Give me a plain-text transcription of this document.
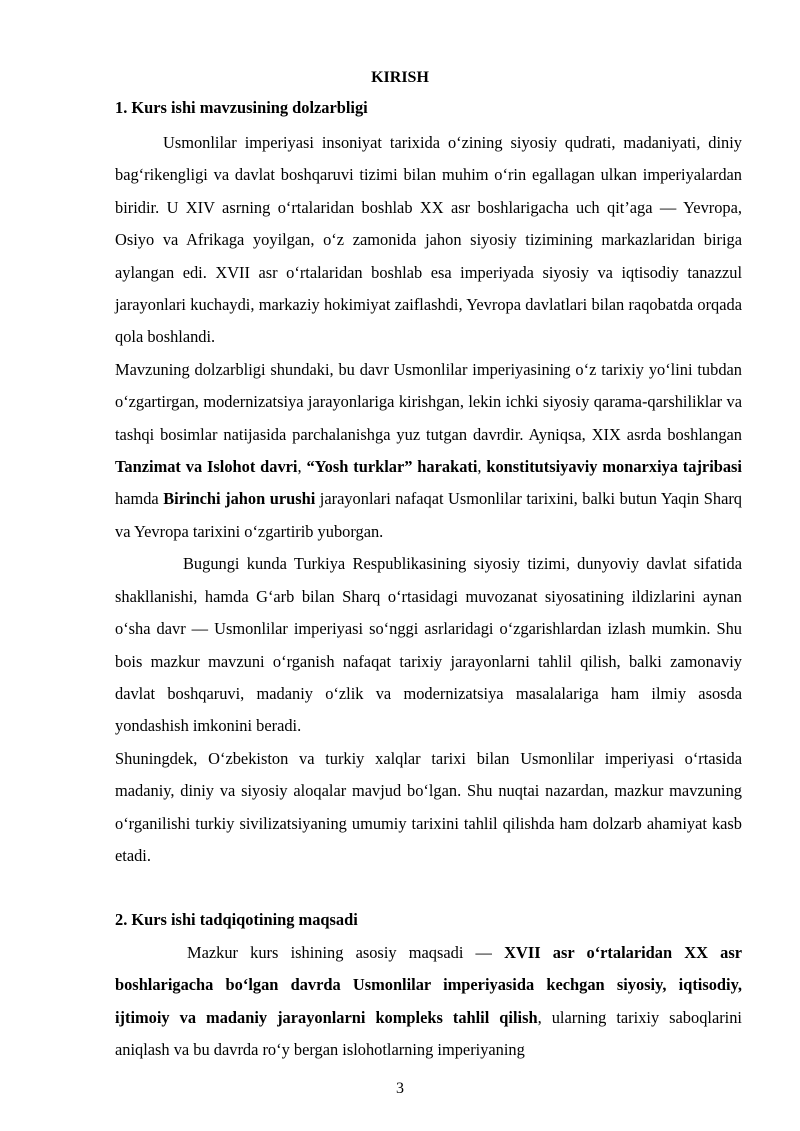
KIRISH
1. Kurs ishi mavzusining dolzarbligi

Usmonlilar imperiyasi insoniyat tarixida o‘zining siyosiy qudrati, madaniyati, diniy bag‘rikengligi va davlat boshqaruvi tizimi bilan muhim o‘rin egallagan ulkan imperiyalardan biridir. U XIV asrning o‘rtalaridan boshlab XX asr boshlarigacha uch qit’aga — Yevropa, Osiyo va Afrikaga yoyilgan, o‘z zamonida jahon siyosiy tizimining markazlaridan biriga aylangan edi. XVII asr o‘rtalaridan boshlab esa imperiyada siyosiy va iqtisodiy tanazzul jarayonlari kuchaydi, markaziy hokimiyat zaiflashdi, Yevropa davlatlari bilan raqobatda orqada qola boshlandi.

Mavzuning dolzarbligi shundaki, bu davr Usmonlilar imperiyasining o‘z tarixiy yo‘lini tubdan o‘zgartirgan, modernizatsiya jarayonlariga kirishgan, lekin ichki siyosiy qarama-qarshiliklar va tashqi bosimlar natijasida parchalanishga yuz tutgan davrdir. Ayniqsa, XIX asrda boshlangan Tanzimat va Islohot davri, “Yosh turklar” harakati, konstitutsiyaviy monarxiya tajribasi hamda Birinchi jahon urushi jarayonlari nafaqat Usmonlilar tarixini, balki butun Yaqin Sharq va Yevropa tarixini o‘zgartirib yuborgan.

Bugungi kunda Turkiya Respublikasining siyosiy tizimi, dunyoviy davlat sifatida shakllanishi, hamda G‘arb bilan Sharq o‘rtasidagi muvozanat siyosatining ildizlarini aynan o‘sha davr — Usmonlilar imperiyasi so‘nggi asrlaridagi o‘zgarishlardan izlash mumkin. Shu bois mazkur mavzuni o‘rganish nafaqat tarixiy jarayonlarni tahlil qilish, balki zamonaviy davlat boshqaruvi, madaniy o‘zlik va modernizatsiya masalalariga ham ilmiy asosda yondashish imkonini beradi.

Shuningdek, O‘zbekiston va turkiy xalqlar tarixi bilan Usmonlilar imperiyasi o‘rtasida madaniy, diniy va siyosiy aloqalar mavjud bo‘lgan. Shu nuqtai nazardan, mazkur mavzuning o‘rganilishi turkiy sivilizatsiyaning umumiy tarixini tahlil qilishda ham dolzarb ahamiyat kasb etadi.

2. Kurs ishi tadqiqotining maqsadi

Mazkur kurs ishining asosiy maqsadi — XVII asr o‘rtalaridan XX asr boshlarigacha bo‘lgan davrda Usmonlilar imperiyasida kechgan siyosiy, iqtisodiy, ijtimoiy va madaniy jarayonlarni kompleks tahlil qilish, ularning tarixiy saboqlarini aniqlash va bu davrda ro‘y bergan islohotlarning imperiyaning

3
